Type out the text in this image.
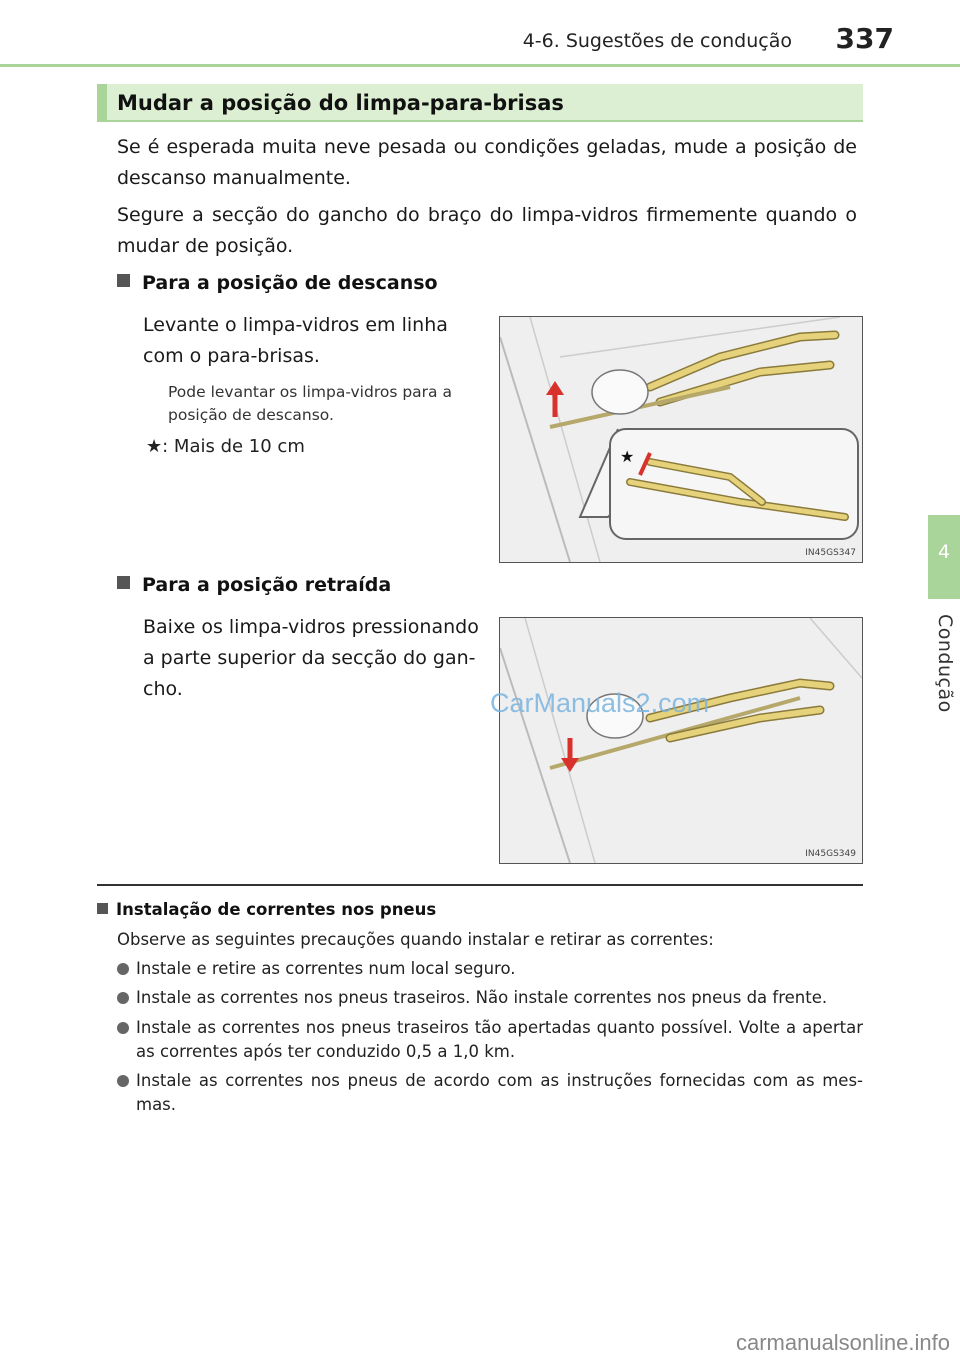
4-6. Sugestões de condução 337
4
Condução
Mudar a posição do limpa-para-brisas
Se é esperada muita neve pesada ou condições geladas, mude a posição de descanso manualmente.
Segure a secção do gancho do braço do limpa-vidros firmemente quando o mudar de posição.
Para a posição de descanso
Levante o limpa-vidros em linha com o para-brisas.
Pode levantar os limpa-vidros para a posição de descanso.
★: Mais de 10 cm	★
IN45GS347
Para a posição retraída
Baixe os limpa-vidros pressionando a parte superior da secção do gan-cho.
IN45GS349
CarManuals2.com
Instalação de correntes nos pneus
Observe as seguintes precauções quando instalar e retirar as correntes:
Instale e retire as correntes num local seguro.
Instale as correntes nos pneus traseiros. Não instale correntes nos pneus da frente.
Instale as correntes nos pneus traseiros tão apertadas quanto possível. Volte a apertar as correntes após ter conduzido 0,5 a 1,0 km.
Instale as correntes nos pneus de acordo com as instruções fornecidas com as mes-mas.
carmanualsonline.info
